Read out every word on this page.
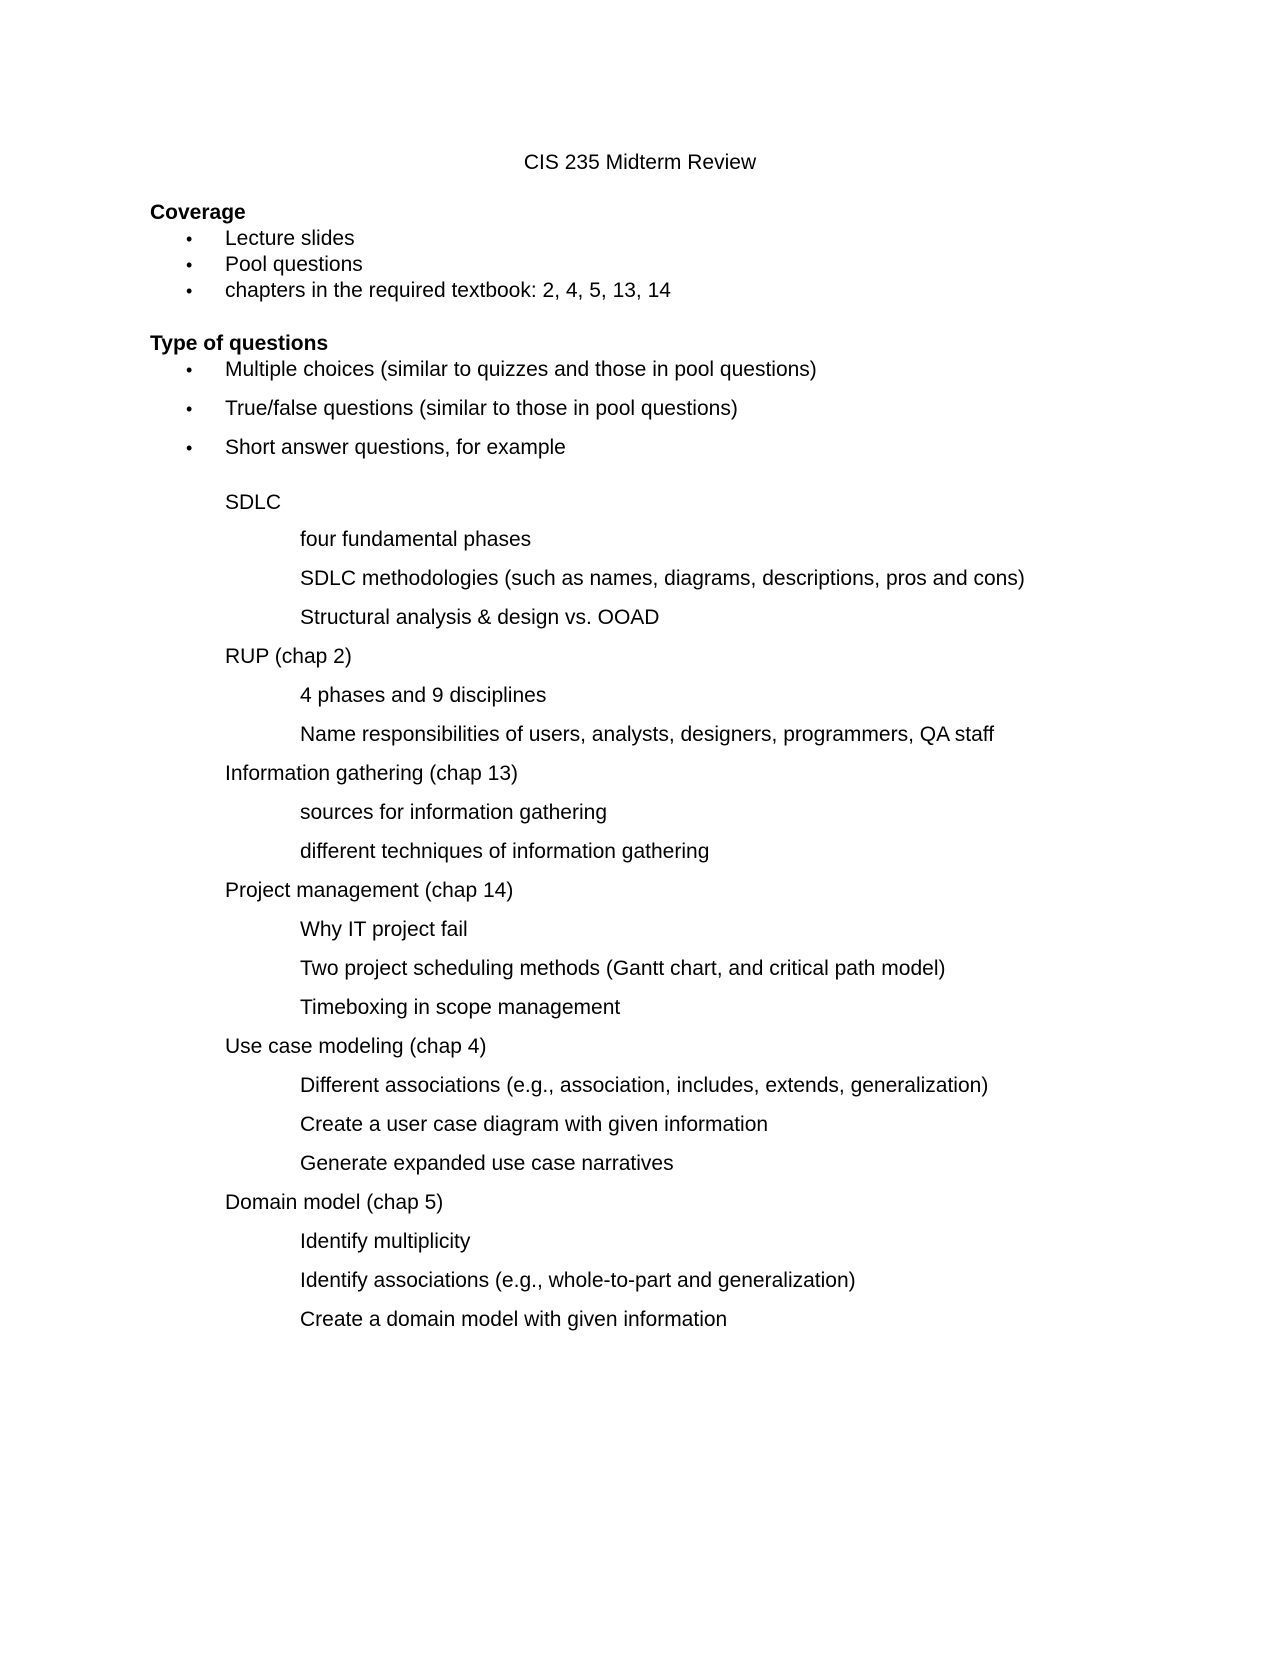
CIS 235 Midterm Review
Coverage
•	Lecture slides
•	Pool questions
•	chapters in the required textbook: 2, 4, 5, 13, 14
Type of questions
•	Multiple choices (similar to quizzes and those in pool questions)
•	True/false questions (similar to those in pool questions)
•	Short answer questions, for example
SDLC
four fundamental phases
SDLC methodologies (such as names, diagrams, descriptions, pros and cons)
Structural analysis & design vs. OOAD
RUP (chap 2)
4 phases and 9 disciplines
Name responsibilities of users, analysts, designers, programmers, QA staff
Information gathering (chap 13)
sources for information gathering
different techniques of information gathering
Project management (chap 14)
Why IT project fail
Two project scheduling methods (Gantt chart, and critical path model)
Timeboxing in scope management
Use case modeling (chap 4)
Different associations (e.g., association, includes, extends, generalization)
Create a user case diagram with given information
Generate expanded use case narratives
Domain model (chap 5)
Identify multiplicity
Identify associations (e.g., whole-to-part and generalization)
Create a domain model with given information
